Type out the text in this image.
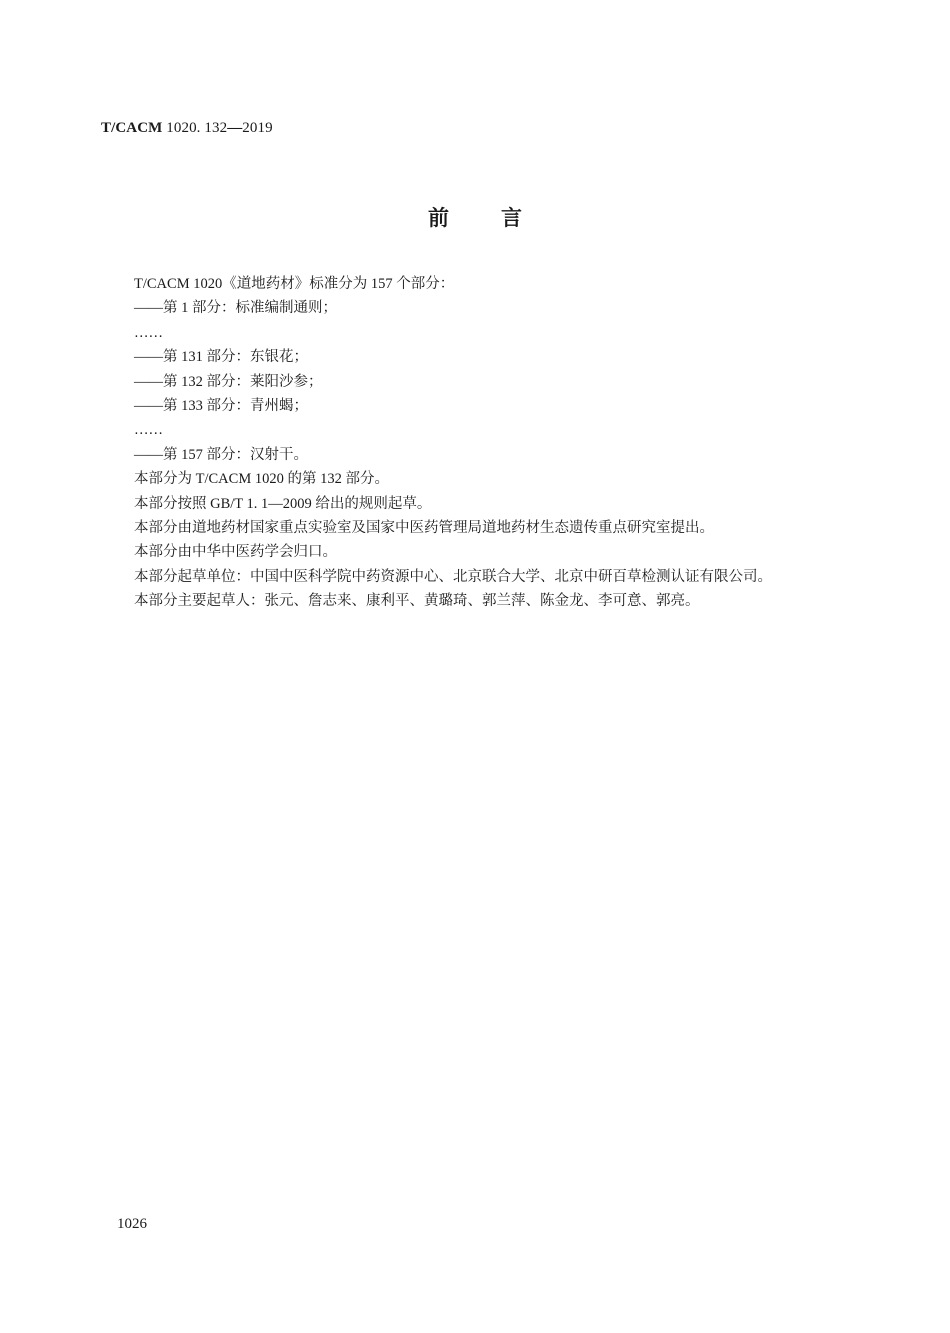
T/CACM 1020. 132—2019
前 言

T/CACM 1020《道地药材》标准分为 157 个部分：

——第 1 部分：标准编制通则；

……

——第 131 部分：东银花；

——第 132 部分：莱阳沙参；

——第 133 部分：青州蝎；

……

——第 157 部分：汉射干。

本部分为 T/CACM 1020 的第 132 部分。

本部分按照 GB/T 1. 1—2009 给出的规则起草。

本部分由道地药材国家重点实验室及国家中医药管理局道地药材生态遗传重点研究室提出。

本部分由中华中医药学会归口。

本部分起草单位：中国中医科学院中药资源中心、北京联合大学、北京中研百草检测认证有限公司。

本部分主要起草人：张元、詹志来、康利平、黄璐琦、郭兰萍、陈金龙、李可意、郭亮。

1026
